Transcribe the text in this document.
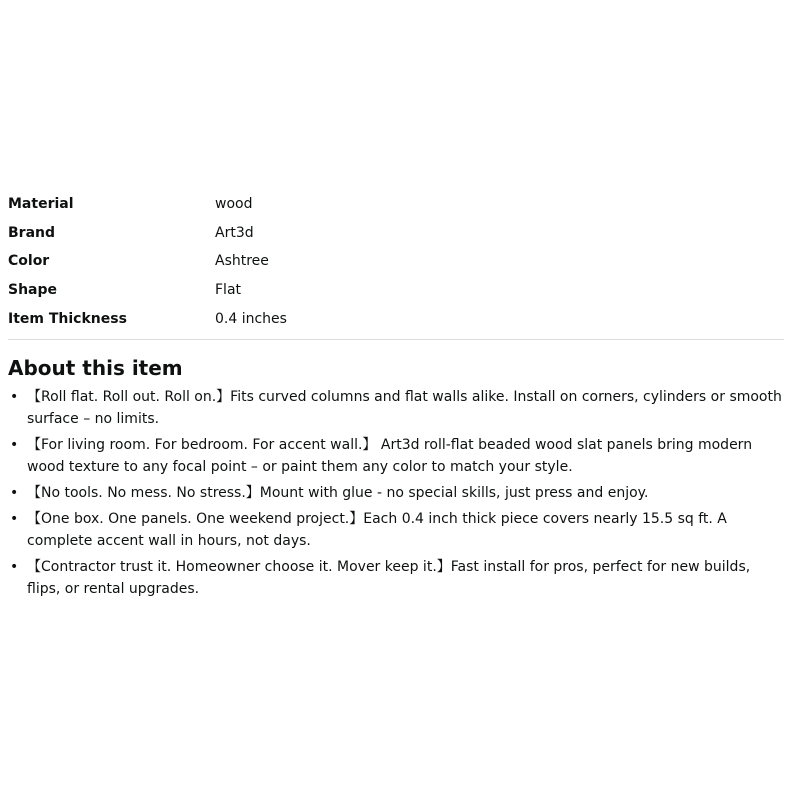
Material	wood
Brand	Art3d
Color	Ashtree
Shape	Flat
Item Thickness	0.4 inches
About this item
• 【Roll flat. Roll out. Roll on.】Fits curved columns and flat walls alike. Install on corners, cylinders or smooth surface – no limits.
• 【For living room. For bedroom. For accent wall.】 Art3d roll-flat beaded wood slat panels bring modern wood texture to any focal point – or paint them any color to match your style.
• 【No tools. No mess. No stress.】Mount with glue - no special skills, just press and enjoy.
• 【One box. One panels. One weekend project.】Each 0.4 inch thick piece covers nearly 15.5 sq ft. A complete accent wall in hours, not days.
• 【Contractor trust it. Homeowner choose it. Mover keep it.】Fast install for pros, perfect for new builds, flips, or rental upgrades.
